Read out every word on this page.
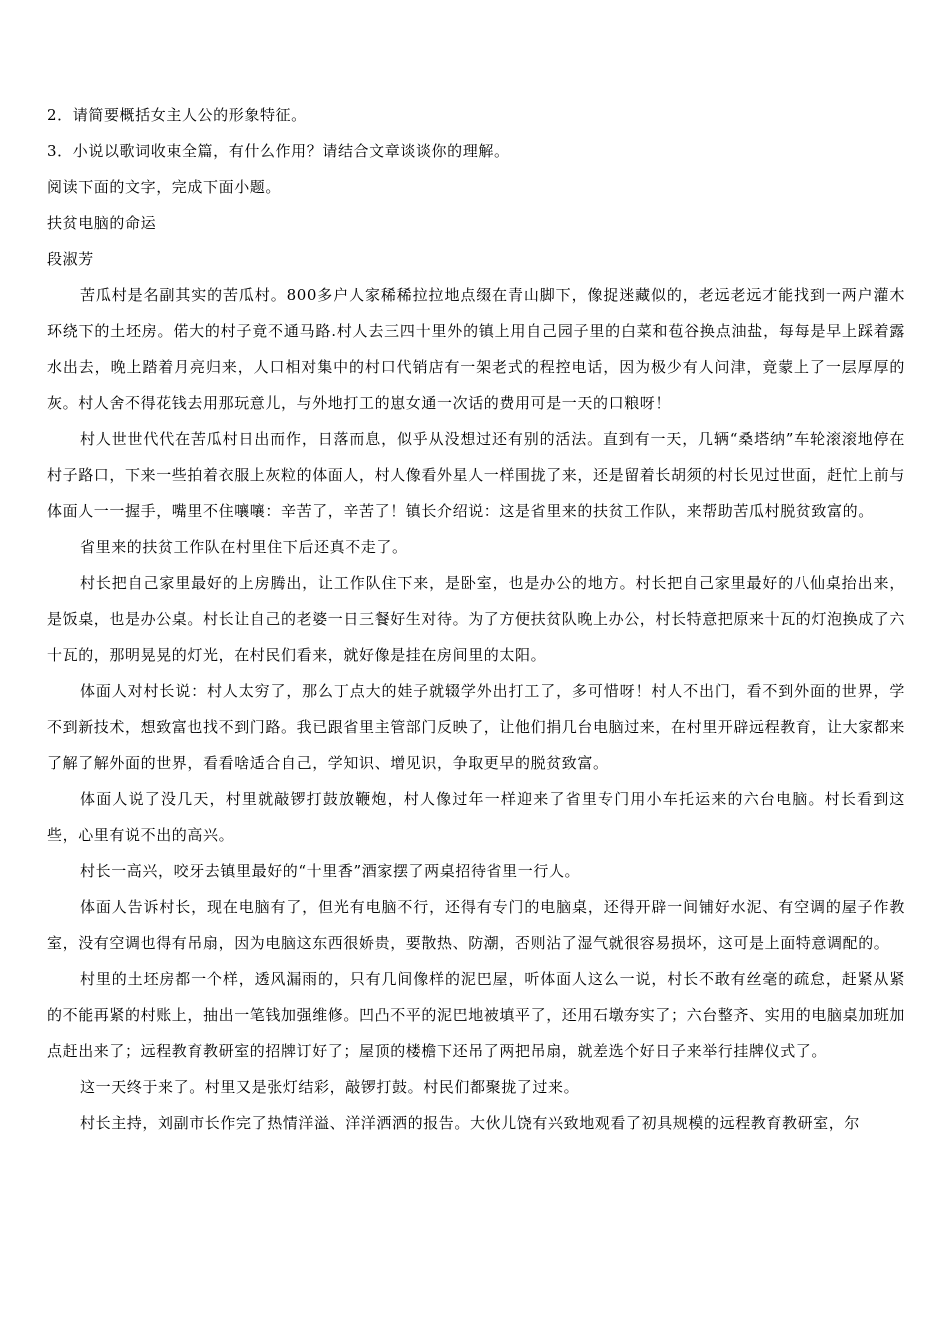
2．请简要概括女主人公的形象特征。

3．小说以歌词收束全篇，有什么作用？请结合文章谈谈你的理解。

阅读下面的文字，完成下面小题。

扶贫电脑的命运

段淑芳

苦瓜村是名副其实的苦瓜村。800多户人家稀稀拉拉地点缀在青山脚下，像捉迷藏似的，老远老远才能找到一两户灌木环绕下的土坯房。偌大的村子竟不通马路.村人去三四十里外的镇上用自己园子里的白菜和苞谷换点油盐，每每是早上踩着露水出去，晚上踏着月亮归来，人口相对集中的村口代销店有一架老式的程控电话，因为极少有人问津，竟蒙上了一层厚厚的灰。村人舍不得花钱去用那玩意儿，与外地打工的崽女通一次话的费用可是一天的口粮呀！

村人世世代代在苦瓜村日出而作，日落而息，似乎从没想过还有别的活法。直到有一天，几辆“桑塔纳”车轮滚滚地停在村子路口，下来一些拍着衣服上灰粒的体面人，村人像看外星人一样围拢了来，还是留着长胡须的村长见过世面，赶忙上前与体面人一一握手，嘴里不住嚷嚷：辛苦了，辛苦了！镇长介绍说：这是省里来的扶贫工作队，来帮助苦瓜村脱贫致富的。

省里来的扶贫工作队在村里住下后还真不走了。

村长把自己家里最好的上房腾出，让工作队住下来，是卧室，也是办公的地方。村长把自己家里最好的八仙桌抬出来，是饭桌，也是办公桌。村长让自己的老婆一日三餐好生对待。为了方便扶贫队晚上办公，村长特意把原来十瓦的灯泡换成了六十瓦的，那明晃晃的灯光，在村民们看来，就好像是挂在房间里的太阳。

体面人对村长说：村人太穷了，那么丁点大的娃子就辍学外出打工了，多可惜呀！村人不出门，看不到外面的世界，学不到新技术，想致富也找不到门路。我已跟省里主管部门反映了，让他们捐几台电脑过来，在村里开辟远程教育，让大家都来了解了解外面的世界，看看啥适合自己，学知识、增见识，争取更早的脱贫致富。

体面人说了没几天，村里就敲锣打鼓放鞭炮，村人像过年一样迎来了省里专门用小车托运来的六台电脑。村长看到这些，心里有说不出的高兴。

村长一高兴，咬牙去镇里最好的“十里香”酒家摆了两桌招待省里一行人。

体面人告诉村长，现在电脑有了，但光有电脑不行，还得有专门的电脑桌，还得开辟一间铺好水泥、有空调的屋子作教室，没有空调也得有吊扇，因为电脑这东西很娇贵，要散热、防潮，否则沾了湿气就很容易损坏，这可是上面特意调配的。

村里的土坯房都一个样，透风漏雨的，只有几间像样的泥巴屋，听体面人这么一说，村长不敢有丝毫的疏怠，赶紧从紧的不能再紧的村账上，抽出一笔钱加强维修。凹凸不平的泥巴地被填平了，还用石墩夯实了；六台整齐、实用的电脑桌加班加点赶出来了；远程教育教研室的招牌订好了；屋顶的楼檐下还吊了两把吊扇，就差选个好日子来举行挂牌仪式了。

这一天终于来了。村里又是张灯结彩，敲锣打鼓。村民们都聚拢了过来。

村长主持，刘副市长作完了热情洋溢、洋洋洒洒的报告。大伙儿饶有兴致地观看了初具规模的远程教育教研室，尔
